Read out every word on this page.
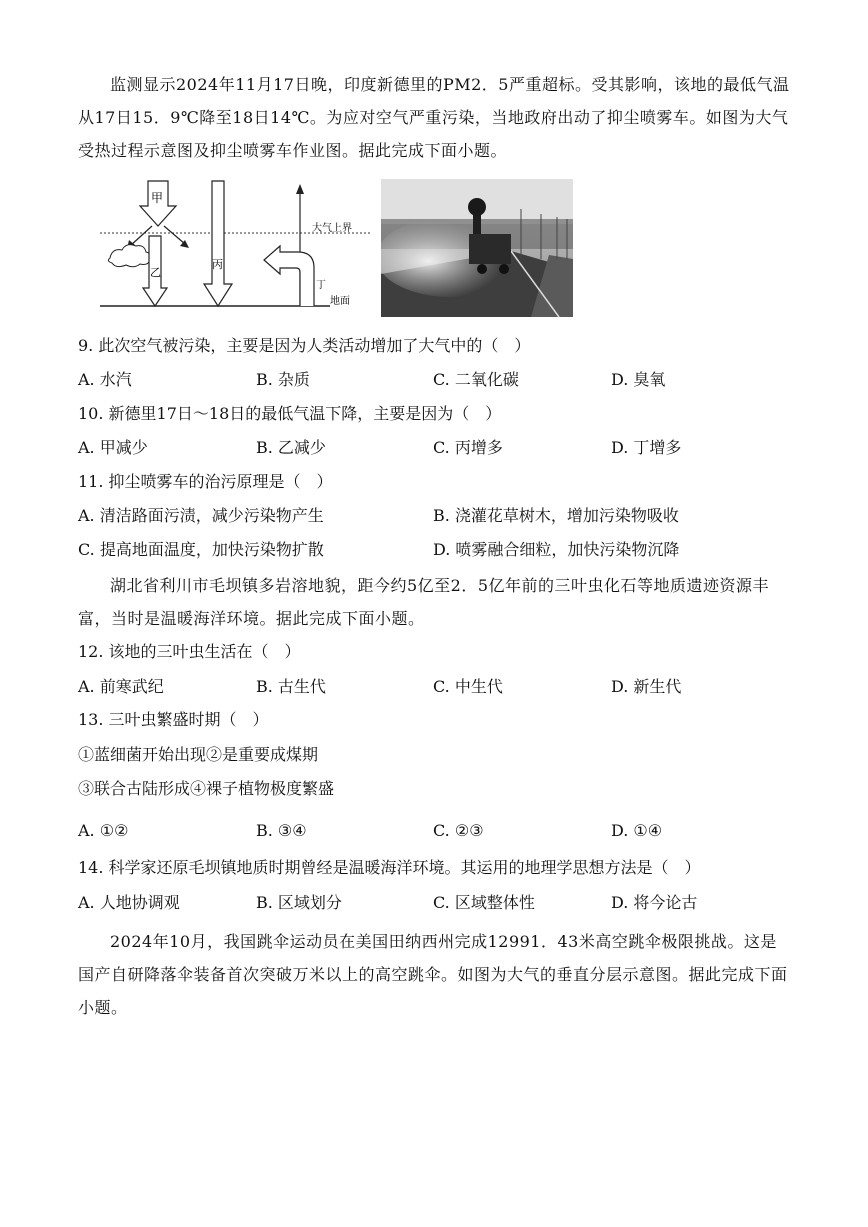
监测显示2024年11月17日晚，印度新德里的PM2．5严重超标。受其影响，该地的最低气温从17日15．9℃降至18日14℃。为应对空气严重污染，当地政府出动了抑尘喷雾车。如图为大气受热过程示意图及抑尘喷雾车作业图。据此完成下面小题。
甲
乙
丙
丁
大气上界
地面
9. 此次空气被污染，主要是因为人类活动增加了大气中的（　）
A. 水汽	B. 杂质	C. 二氧化碳	D. 臭氧
10. 新德里17日～18日的最低气温下降，主要是因为（　）
A. 甲减少	B. 乙减少	C. 丙增多	D. 丁增多
11. 抑尘喷雾车的治污原理是（　）
A. 清洁路面污渍，减少污染物产生	B. 浇灌花草树木，增加污染物吸收
C. 提高地面温度，加快污染物扩散	D. 喷雾融合细粒，加快污染物沉降
湖北省利川市毛坝镇多岩溶地貌，距今约5亿至2．5亿年前的三叶虫化石等地质遗迹资源丰富，当时是温暖海洋环境。据此完成下面小题。
12. 该地的三叶虫生活在（　）
A. 前寒武纪	B. 古生代	C. 中生代	D. 新生代
13. 三叶虫繁盛时期（　）
①蓝细菌开始出现②是重要成煤期
③联合古陆形成④裸子植物极度繁盛
A. ①②	B. ③④	C. ②③	D. ①④
14. 科学家还原毛坝镇地质时期曾经是温暖海洋环境。其运用的地理学思想方法是（　）
A. 人地协调观	B. 区域划分	C. 区域整体性	D. 将今论古
2024年10月，我国跳伞运动员在美国田纳西州完成12991．43米高空跳伞极限挑战。这是国产自研降落伞装备首次突破万米以上的高空跳伞。如图为大气的垂直分层示意图。据此完成下面小题。
